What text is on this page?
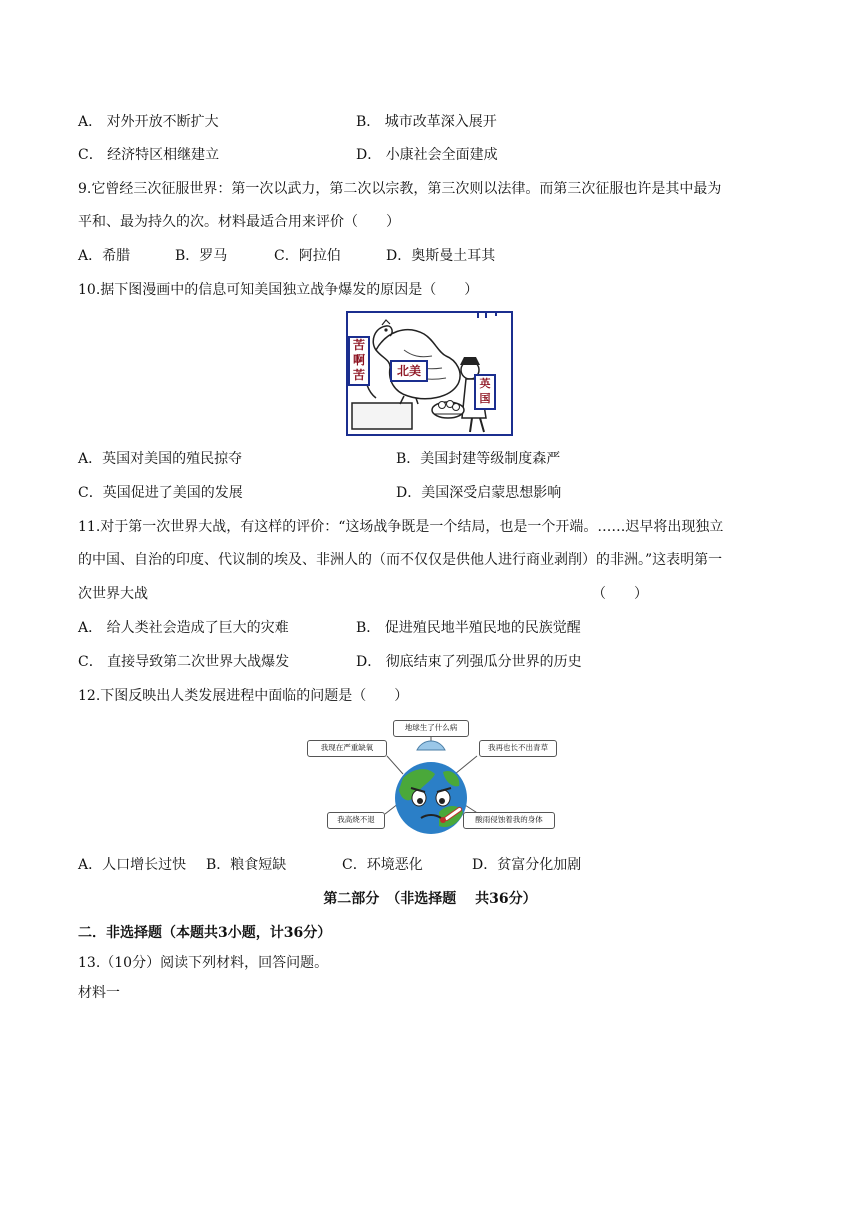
A． 对外开放不断扩大	B． 城市改革深入展开
C． 经济特区相继建立	D． 小康社会全面建成
9.它曾经三次征服世界：第一次以武力，第二次以宗教，第三次则以法律。而第三次征服也许是其中最为
平和、最为持久的次。材料最适合用来评价（　　）
A．希腊	B．罗马	C．阿拉伯	D．奥斯曼土耳其
10.据下图漫画中的信息可知美国独立战争爆发的原因是（　　）
苦啊苦	北美
英国
A．英国对美国的殖民掠夺	B．美国封建等级制度森严
C．英国促进了美国的发展	D．美国深受启蒙思想影响
11.对于第一次世界大战，有这样的评价：“这场战争既是一个结局，也是一个开端。……迟早将出现独立
的中国、自治的印度、代议制的埃及、非洲人的（而不仅仅是供他人进行商业剥削）的非洲。”这表明第一
次世界大战	（　　）
A． 给人类社会造成了巨大的灾难	B． 促进殖民地半殖民地的民族觉醒
C． 直接导致第二次世界大战爆发	D． 彻底结束了列强瓜分世界的历史
12.下图反映出人类发展进程中面临的问题是（　　）
地球生了什么病
我现在严重缺氧	我再也长不出青草
我高烧不退	酸雨侵蚀着我的身体
A．人口增长过快 B．粮食短缺	C．环境恶化	D．贫富分化加剧
第二部分　（非选择题　 共36分）
二．非选择题（本题共3小题，计36分）
13.（10分）阅读下列材料，回答问题。
材料一
